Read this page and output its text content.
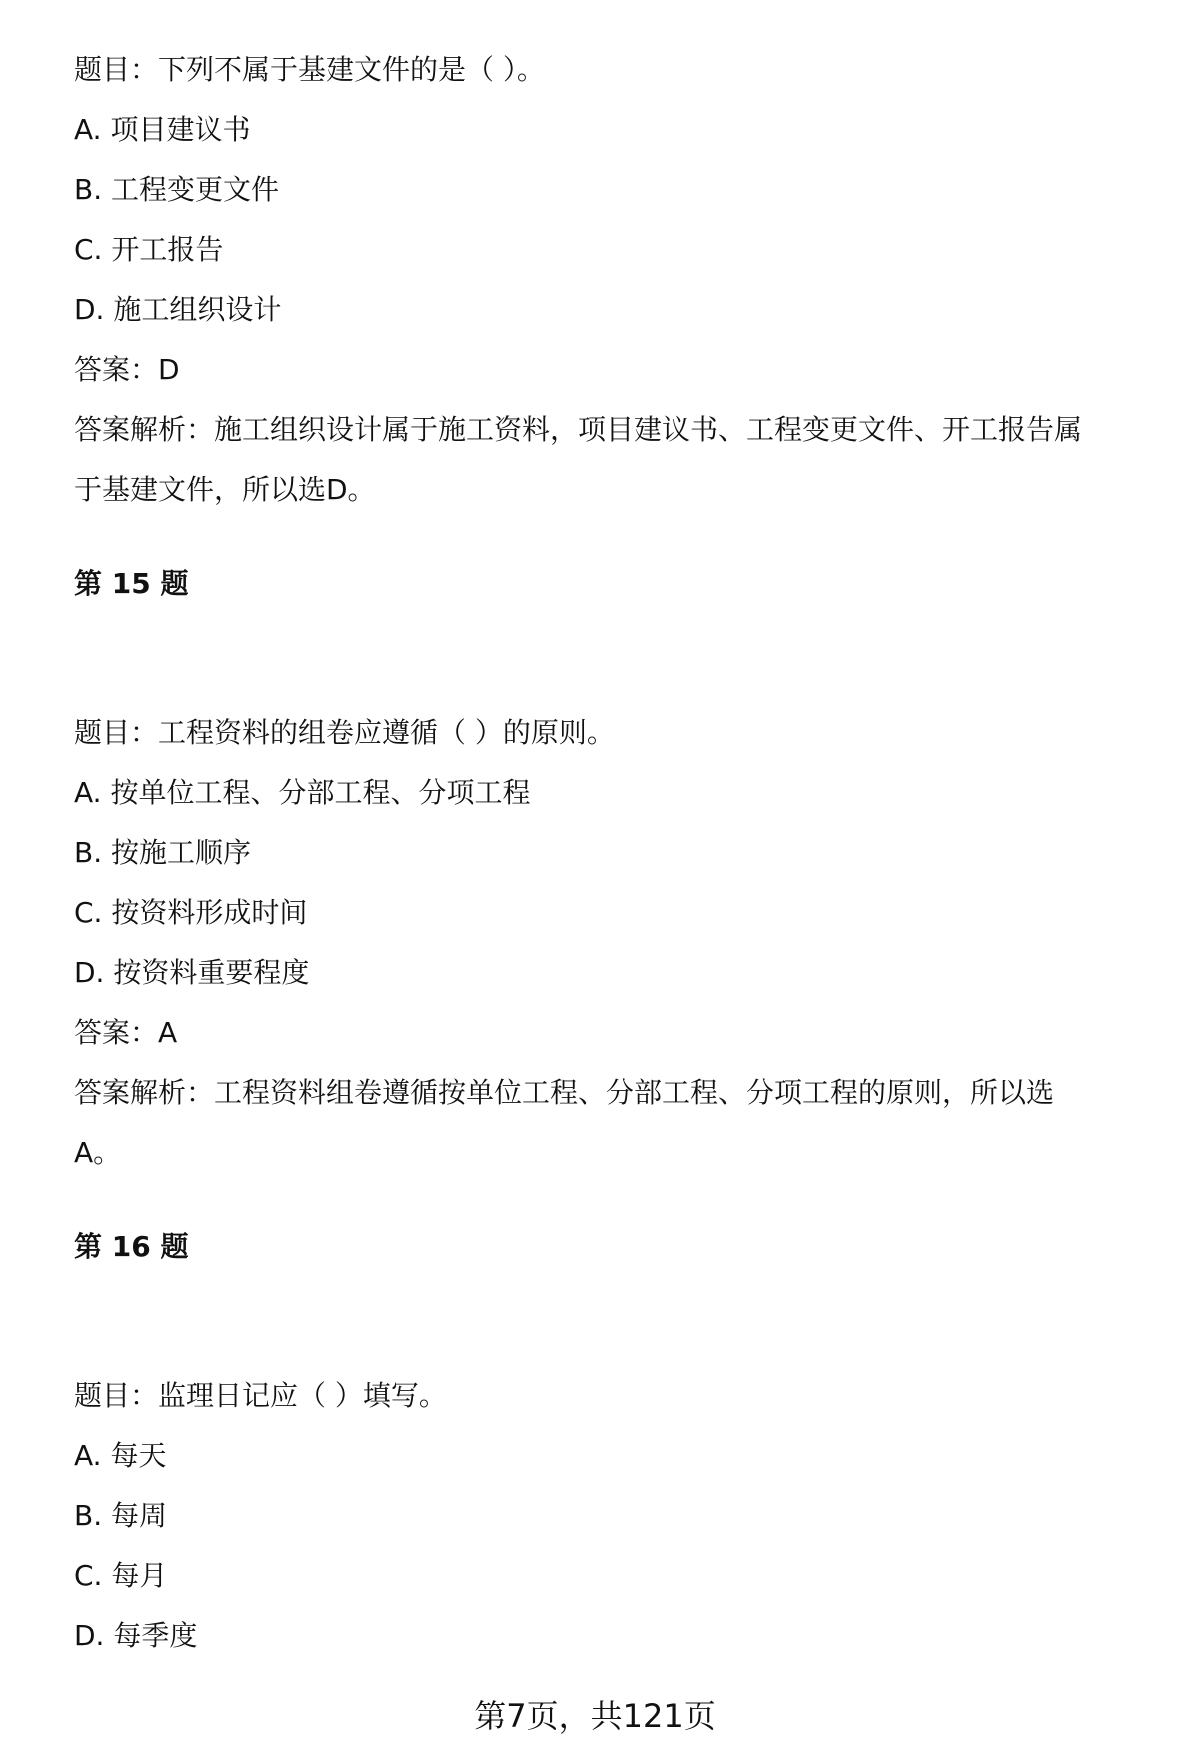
题目：下列不属于基建文件的是（ ）。
A. 项目建议书
B. 工程变更文件
C. 开工报告
D. 施工组织设计
答案：D
答案解析：施工组织设计属于施工资料，项目建议书、工程变更文件、开工报告属
于基建文件，所以选D。
第 15 题
题目：工程资料的组卷应遵循（ ）的原则。
A. 按单位工程、分部工程、分项工程
B. 按施工顺序
C. 按资料形成时间
D. 按资料重要程度
答案：A
答案解析：工程资料组卷遵循按单位工程、分部工程、分项工程的原则，所以选
A。
第 16 题
题目：监理日记应（ ）填写。
A. 每天
B. 每周
C. 每月
D. 每季度
第7页，共121页
